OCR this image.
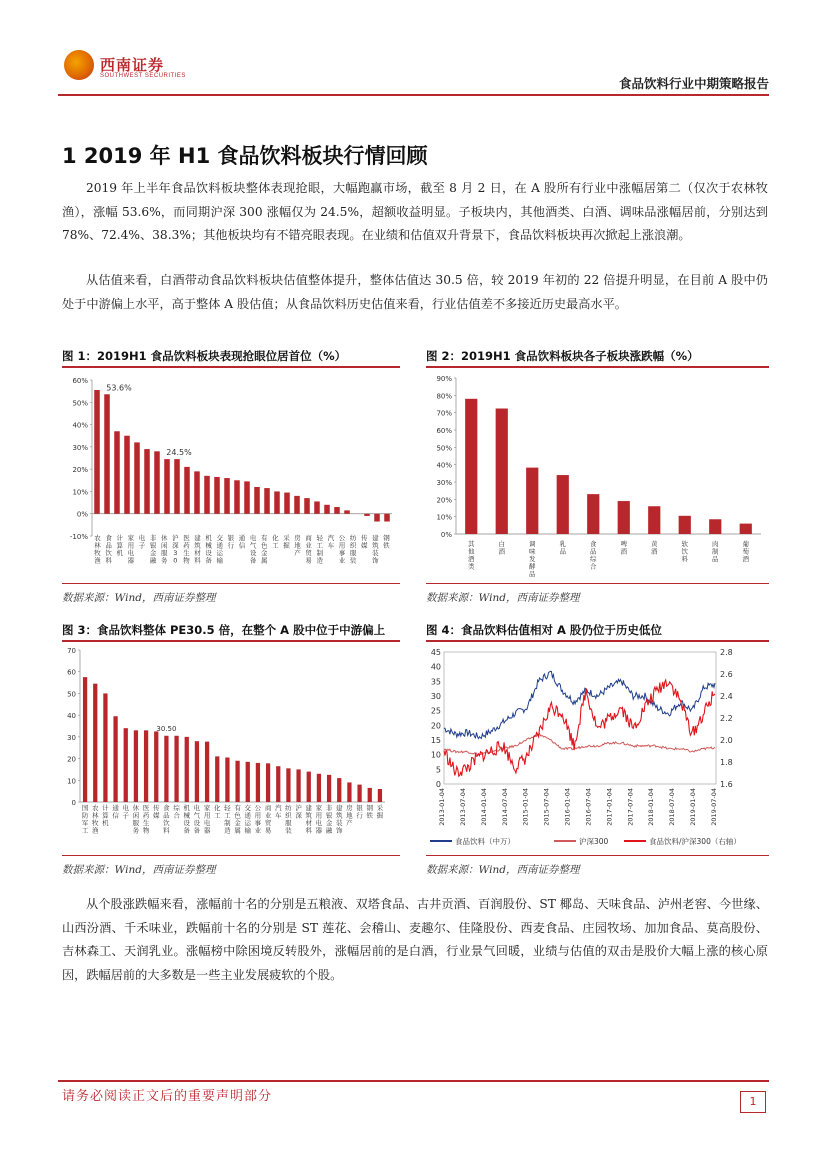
西南证券
SOUTHWEST SECURITIES	食品饮料行业中期策略报告
1 2019 年 H1 食品饮料板块行情回顾
2019 年上半年食品饮料板块整体表现抢眼，大幅跑赢市场，截至 8 月 2 日，在 A 股所有行业中涨幅居第二（仅次于农林牧渔），涨幅 53.6%，而同期沪深 300 涨幅仅为 24.5%，超额收益明显。子板块内，其他酒类、白酒、调味品涨幅居前，分别达到 78%、72.4%、38.3%；其他板块均有不错亮眼表现。在业绩和估值双升背景下，食品饮料板块再次掀起上涨浪潮。
从估值来看，白酒带动食品饮料板块估值整体提升，整体估值达 30.5 倍，较 2019 年初的 22 倍提升明显，在目前 A 股中仍处于中游偏上水平，高于整体 A 股估值；从食品饮料历史估值来看，行业估值差不多接近历史最高水平。
图 1：2019H1 食品饮料板块表现抢眼位居首位（%）
-10%
0%
10%
20%
30%
40%
50%
60%
53.6%
24.5%
农林牧渔
食品饮料
计算机
家用电器
电子
非银金融
休闲服务
沪深 3 0
医药生物
建筑材料
机械设备
交通运输
银行
通信
电气设备
有色金属
化工
采掘
房地产
商业贸易
轻工制造
汽车
公用事业
纺织服装
传媒
建筑装饰
钢铁
数据来源：Wind，西南证券整理
图 2：2019H1 食品饮料板块各子板块涨跌幅（%）
0%
10%
20%
30%
40%
50%
60%
70%
80%
90%
其他酒类
白酒
调味发酵品
乳品
食品综合
啤酒
黄酒
软饮料
肉制品
葡萄酒
数据来源：Wind，西南证券整理
图 3：食品饮料整体 PE30.5 倍，在整个 A 股中位于中游偏上
0
10
20
30
40
50
60
70
30.50
国防军工
农林牧渔
计算机
通信
电子
休闲服务
医药生物
传媒
食品饮料
综合
机械设备
电气设备
家用电器
化工
轻工制造
有色金属
交通运输
公用事业
商业贸易
汽车
纺织服装
沪深
建筑材料
家用电器
非银金融
建筑装饰
房地产
银行
钢铁
采掘
数据来源：Wind，西南证券整理
图 4：食品饮料估值相对 A 股仍位于历史低位
0
5
10
15
20
25
30
35
40
45
1.6
1.8
2.0
2.2
2.4
2.6
2.8
2013-01-04 2013-07-04 2014-01-04 2014-07-04 2015-01-04 2015-07-04 2016-01-04 2016-07-04 2017-01-04 2017-07-04 2018-01-04 2018-07-04 2019-01-04 2019-07-04
食品饮料（中万）	沪深300	食品饮料/沪深300（右轴）
数据来源：Wind，西南证券整理
从个股涨跌幅来看，涨幅前十名的分别是五粮液、双塔食品、古井贡酒、百润股份、ST 椰岛、天味食品、泸州老窖、今世缘、山西汾酒、千禾味业，跌幅前十名的分别是 ST 莲花、会稽山、麦趣尔、佳隆股份、西麦食品、庄园牧场、加加食品、莫高股份、吉林森工、天润乳业。涨幅榜中除困境反转股外，涨幅居前的是白酒，行业景气回暖，业绩与估值的双击是股价大幅上涨的核心原因，跌幅居前的大多数是一些主业发展疲软的个股。
请务必阅读正文后的重要声明部分	1
